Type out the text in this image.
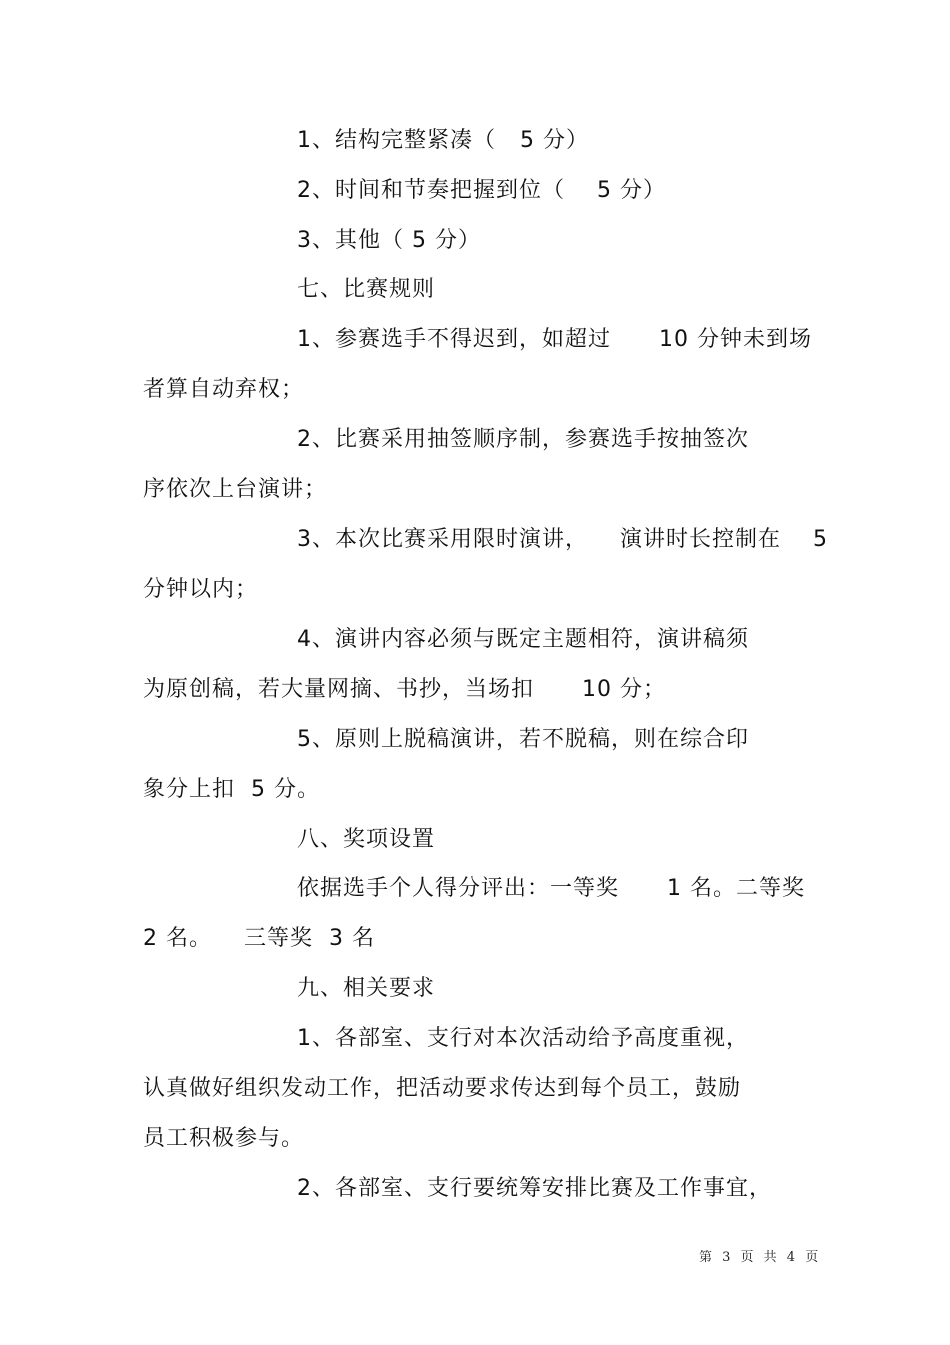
1、结构完整紧凑（   5 分）
2、时间和节奏把握到位（    5 分）
3、其他（ 5 分）
七、比赛规则
1、参赛选手不得迟到，如超过      10 分钟未到场
者算自动弃权；
2、比赛采用抽签顺序制，参赛选手按抽签次
序依次上台演讲；
3、本次比赛采用限时演讲，    演讲时长控制在    5
分钟以内；
4、演讲内容必须与既定主题相符，演讲稿须
为原创稿，若大量网摘、书抄，当场扣      10 分；
5、原则上脱稿演讲，若不脱稿，则在综合印
象分上扣  5 分。
八、奖项设置
依据选手个人得分评出：一等奖      1 名。二等奖
2 名。    三等奖  3 名
九、相关要求
1、各部室、支行对本次活动给予高度重视，
认真做好组织发动工作，把活动要求传达到每个员工，鼓励
员工积极参与。
2、各部室、支行要统筹安排比赛及工作事宜，
第 3 页 共 4 页
